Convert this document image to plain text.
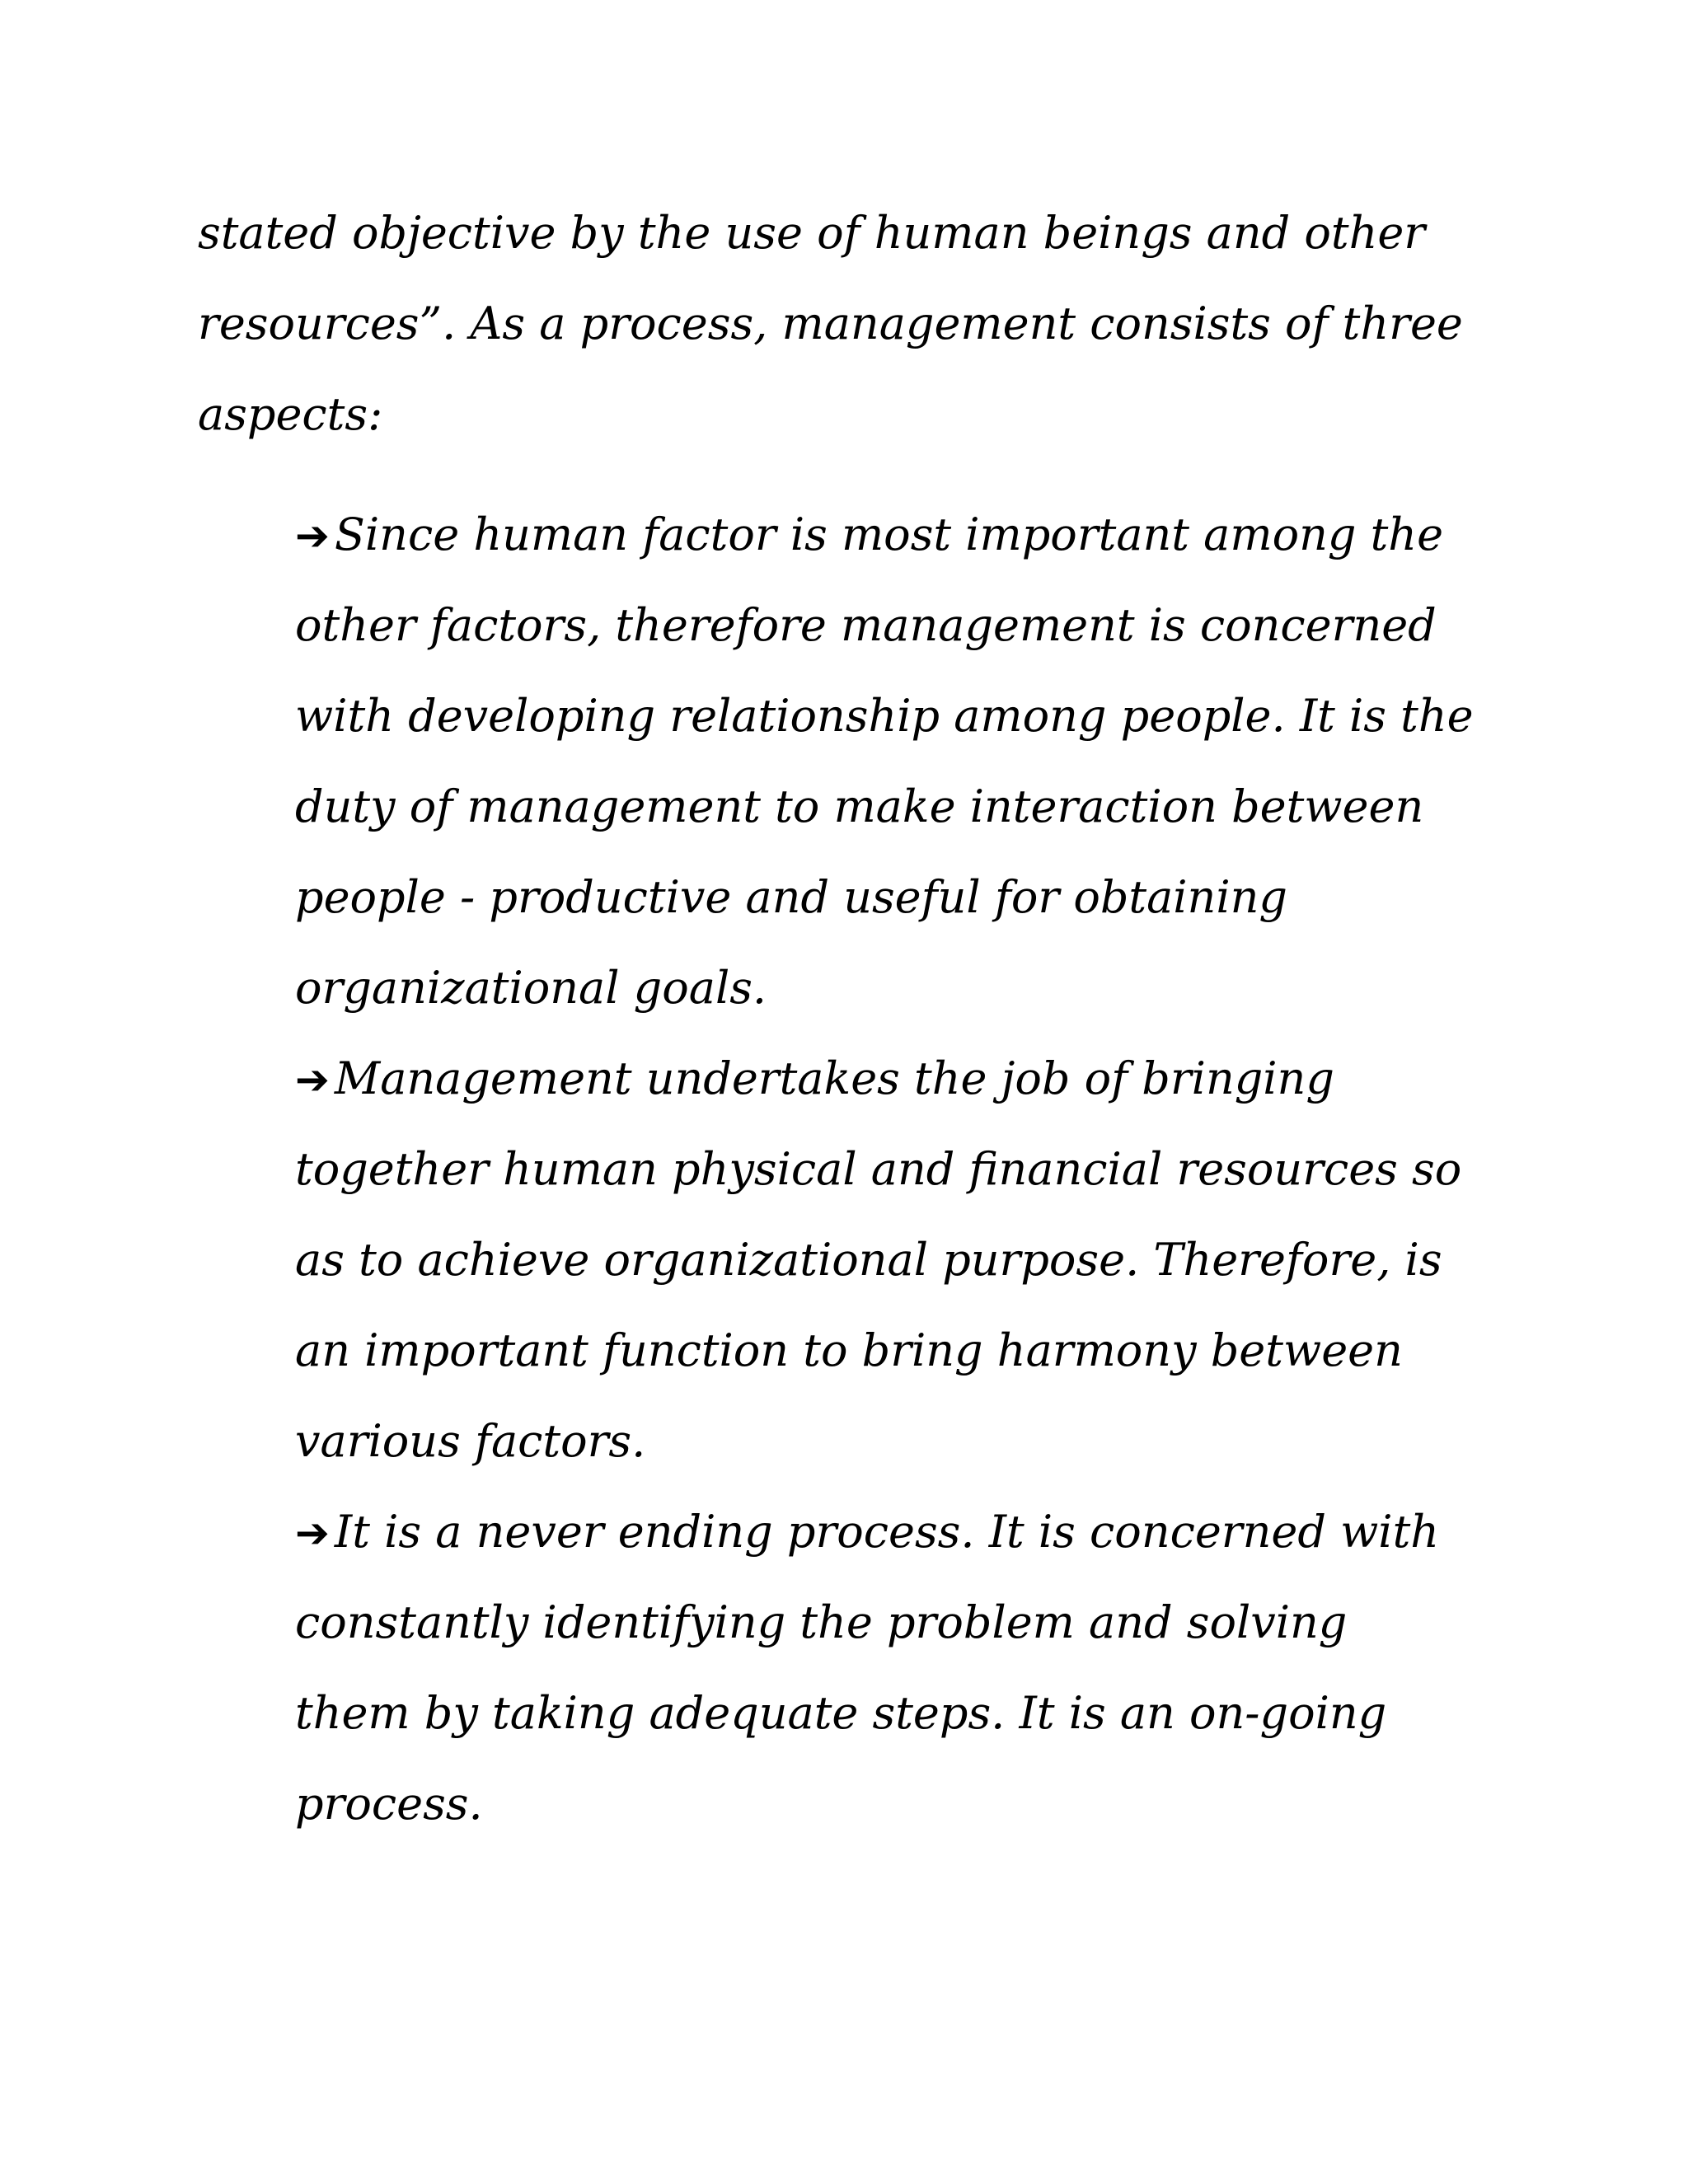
stated objective by the use of human beings and other
resources”. As a process, management consists of three
aspects:
➔ Since human factor is most important among the
other factors, therefore management is concerned
with developing relationship among people. It is the
duty of management to make interaction between
people - productive and useful for obtaining
organizational goals.
➔ Management undertakes the job of bringing
together human physical and financial resources so
as to achieve organizational purpose. Therefore, is
an important function to bring harmony between
various factors.
➔ It is a never ending process. It is concerned with
constantly identifying the problem and solving
them by taking adequate steps. It is an on-going
process.
